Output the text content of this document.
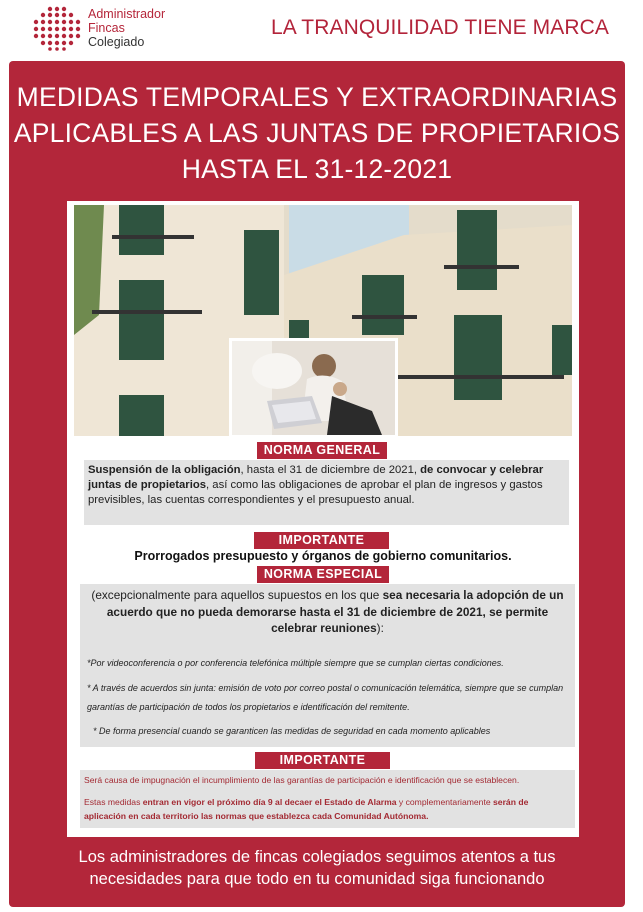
Administrador
Fincas
Colegiado
LA TRANQUILIDAD TIENE MARCA
MEDIDAS TEMPORALES Y EXTRAORDINARIAS
APLICABLES A LAS JUNTAS DE PROPIETARIOS
HASTA EL 31-12-2021
NORMA GENERAL
Suspensión de la obligación, hasta el 31 de diciembre de 2021, de convocar y celebrar juntas de propietarios, así como las obligaciones de aprobar el plan de ingresos y gastos previsibles, las cuentas correspondientes y el presupuesto anual.
IMPORTANTE
Prorrogados presupuesto y órganos de gobierno comunitarios.
NORMA ESPECIAL
(excepcionalmente para aquellos supuestos en los que sea necesaria la adopción de un acuerdo que no pueda demorarse hasta el 31 de diciembre de 2021, se permite celebrar reuniones):
*Por videoconferencia o por conferencia telefónica múltiple siempre que se cumplan ciertas condiciones.
* A través de acuerdos sin junta: emisión de voto por correo postal o comunicación telemática, siempre que se cumplan garantías de participación de todos los propietarios e identificación del remitente.
* De forma presencial cuando se garanticen las medidas de seguridad en cada momento aplicables
IMPORTANTE
Será causa de impugnación el incumplimiento de las garantías de participación e identificación que se establecen.
Estas medidas entran en vigor el próximo día 9 al decaer el Estado de Alarma y complementariamente serán de aplicación en cada territorio las normas que establezca cada Comunidad Autónoma.
Los administradores de fincas colegiados seguimos atentos a tus
necesidades para que todo en tu comunidad siga funcionando
